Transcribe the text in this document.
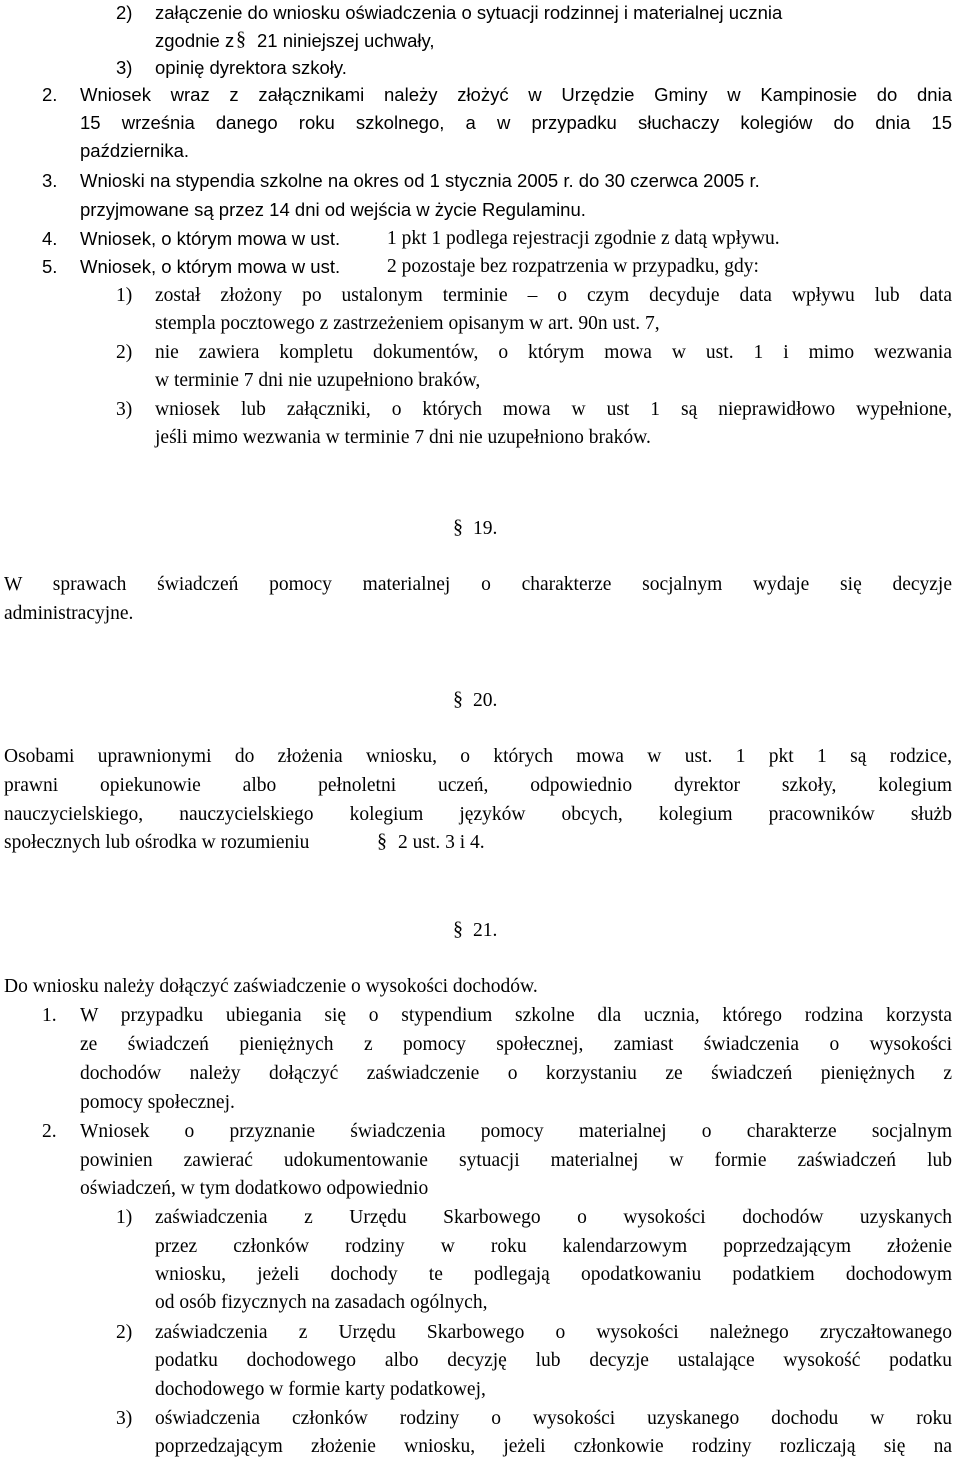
2) załączenie do wniosku oświadczenia o sytuacji rodzinnej i materialnej ucznia
zgodnie z § 21 niniejszej uchwały,
3) opinię dyrektora szkoły.
2. Wniosek wraz z załącznikami należy złożyć w Urzędzie Gminy w Kampinosie do dnia
15 września danego roku szkolnego, a w przypadku słuchaczy kolegiów do dnia 15
października.
3. Wnioski na stypendia szkolne na okres od 1 stycznia 2005 r. do 30 czerwca 2005 r.
przyjmowane są przez 14 dni od wejścia w życie Regulaminu.
4. Wniosek, o którym mowa w ust. 1 pkt 1 podlega rejestracji zgodnie z datą wpływu.
5. Wniosek, o którym mowa w ust. 2 pozostaje bez rozpatrzenia w przypadku, gdy:
1) został złożony po ustalonym terminie – o czym decyduje data wpływu lub data
stempla pocztowego z zastrzeżeniem opisanym w art. 90n ust. 7,
2) nie zawiera kompletu dokumentów, o którym mowa w ust. 1 i mimo wezwania
w terminie 7 dni nie uzupełniono braków,
3) wniosek lub załączniki, o których mowa w ust 1 są nieprawidłowo wypełnione,
jeśli mimo wezwania w terminie 7 dni nie uzupełniono braków.
§ 19.
W sprawach świadczeń pomocy materialnej o charakterze socjalnym wydaje się decyzje
administracyjne.
§ 20.
Osobami uprawnionymi do złożenia wniosku, o których mowa w ust. 1 pkt 1 są rodzice,
prawni opiekunowie albo pełnoletni uczeń, odpowiednio dyrektor szkoły, kolegium
nauczycielskiego, nauczycielskiego kolegium języków obcych, kolegium pracowników służb
społecznych lub ośrodka w rozumieniu	§ 2 ust. 3 i 4.
§ 21.
Do wniosku należy dołączyć zaświadczenie o wysokości dochodów.
1. W przypadku ubiegania się o stypendium szkolne dla ucznia, którego rodzina korzysta
ze świadczeń pieniężnych z pomocy społecznej, zamiast świadczenia o wysokości
dochodów należy dołączyć zaświadczenie o korzystaniu ze świadczeń pieniężnych z
pomocy społecznej.
2. Wniosek o przyznanie świadczenia pomocy materialnej o charakterze socjalnym
powinien zawierać udokumentowanie sytuacji materialnej w formie zaświadczeń lub
oświadczeń, w tym dodatkowo odpowiednio
1) zaświadczenia z Urzędu Skarbowego o wysokości dochodów uzyskanych
przez członków rodziny w roku kalendarzowym poprzedzającym złożenie
wniosku, jeżeli dochody te podlegają opodatkowaniu podatkiem dochodowym
od osób fizycznych na zasadach ogólnych,
2) zaświadczenia z Urzędu Skarbowego o wysokości należnego zryczałtowanego
podatku dochodowego albo decyzję lub decyzje ustalające wysokość podatku
dochodowego w formie karty podatkowej,
3) oświadczenia członków rodziny o wysokości uzyskanego dochodu w roku
poprzedzającym złożenie wniosku, jeżeli członkowie rodziny rozliczają się na
